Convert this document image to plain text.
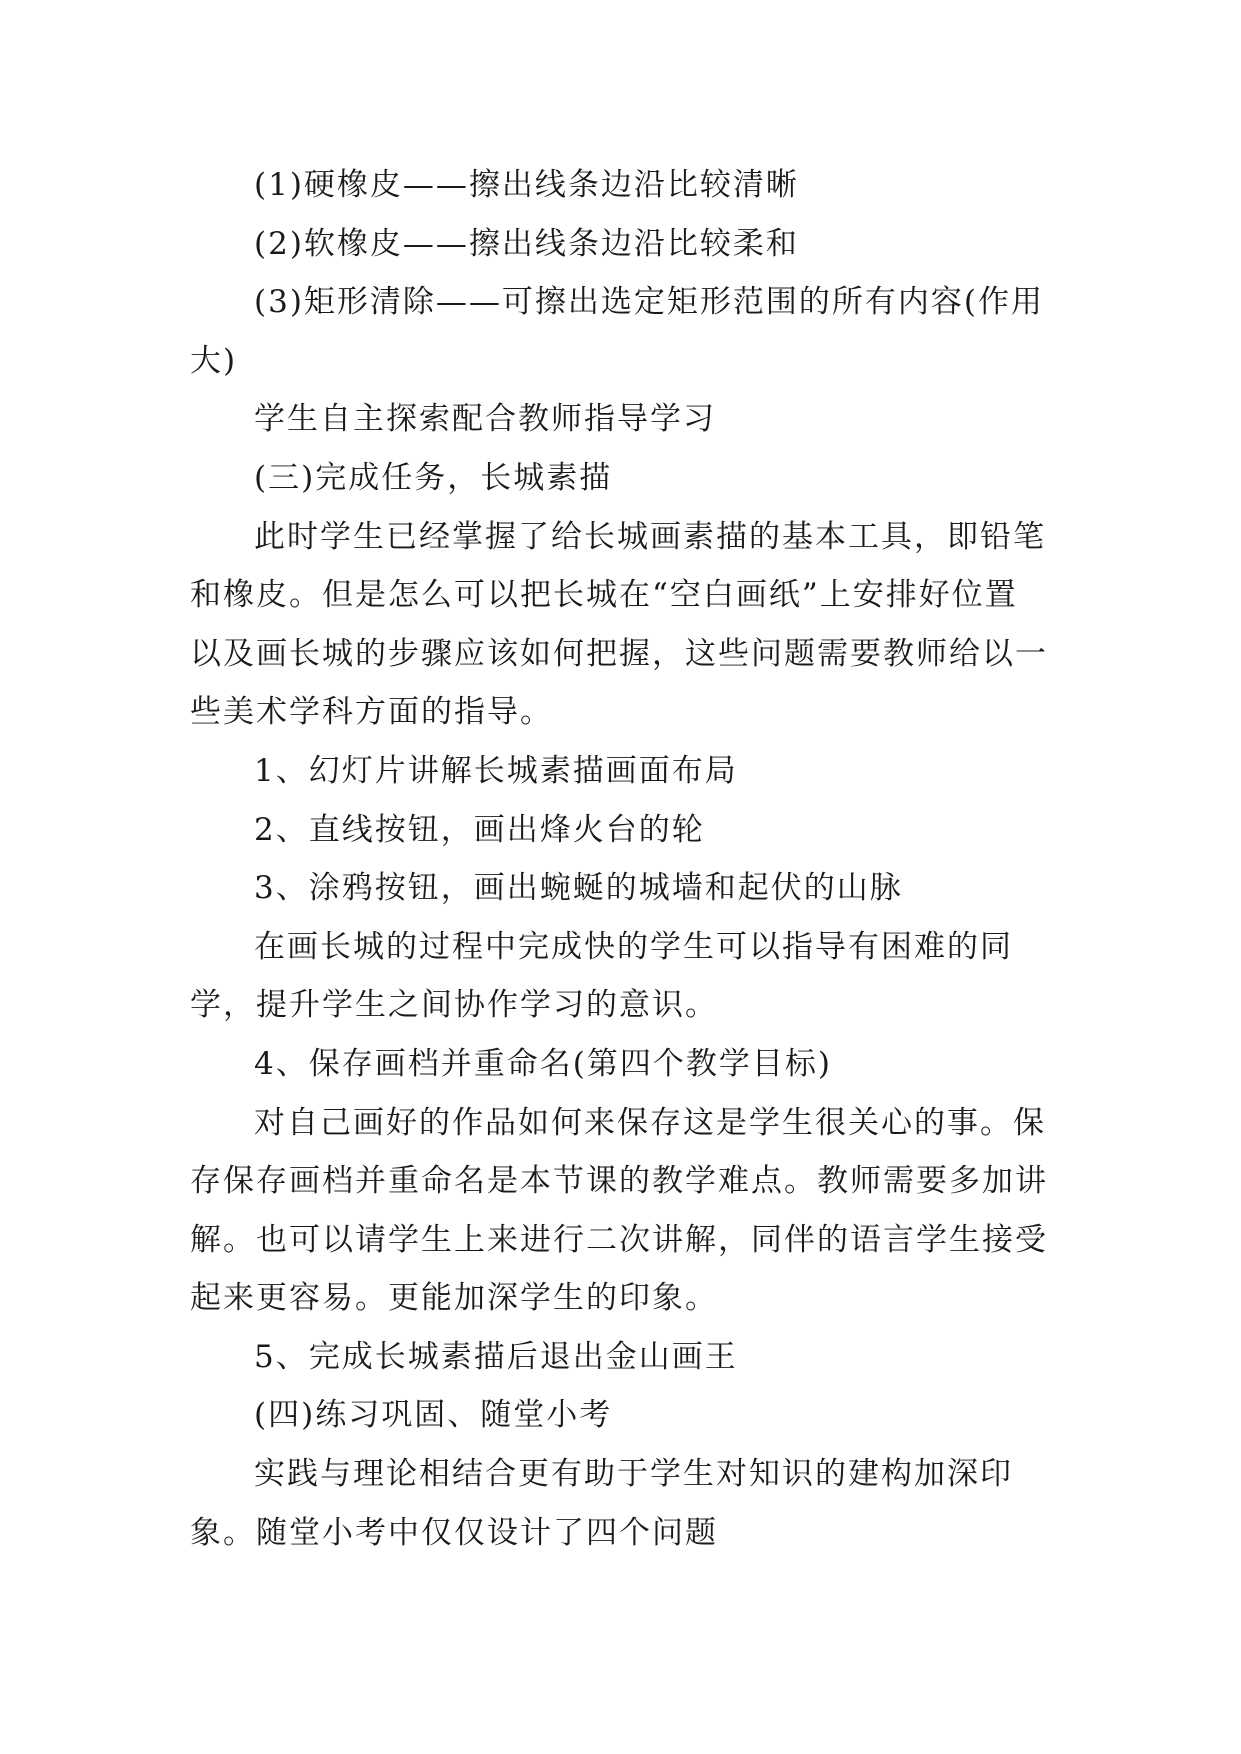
(1)硬橡皮——擦出线条边沿比较清晰

(2)软橡皮——擦出线条边沿比较柔和

(3)矩形清除——可擦出选定矩形范围的所有内容(作用大)

学生自主探索配合教师指导学习

(三)完成任务，长城素描

此时学生已经掌握了给长城画素描的基本工具，即铅笔和橡皮。但是怎么可以把长城在“空白画纸”上安排好位置以及画长城的步骤应该如何把握，这些问题需要教师给以一些美术学科方面的指导。

1、幻灯片讲解长城素描画面布局

2、直线按钮，画出烽火台的轮

3、涂鸦按钮，画出蜿蜒的城墙和起伏的山脉

在画长城的过程中完成快的学生可以指导有困难的同学，提升学生之间协作学习的意识。

4、保存画档并重命名(第四个教学目标)

对自己画好的作品如何来保存这是学生很关心的事。保存保存画档并重命名是本节课的教学难点。教师需要多加讲解。也可以请学生上来进行二次讲解，同伴的语言学生接受起来更容易。更能加深学生的印象。

5、完成长城素描后退出金山画王

(四)练习巩固、随堂小考

实践与理论相结合更有助于学生对知识的建构加深印象。随堂小考中仅仅设计了四个问题
